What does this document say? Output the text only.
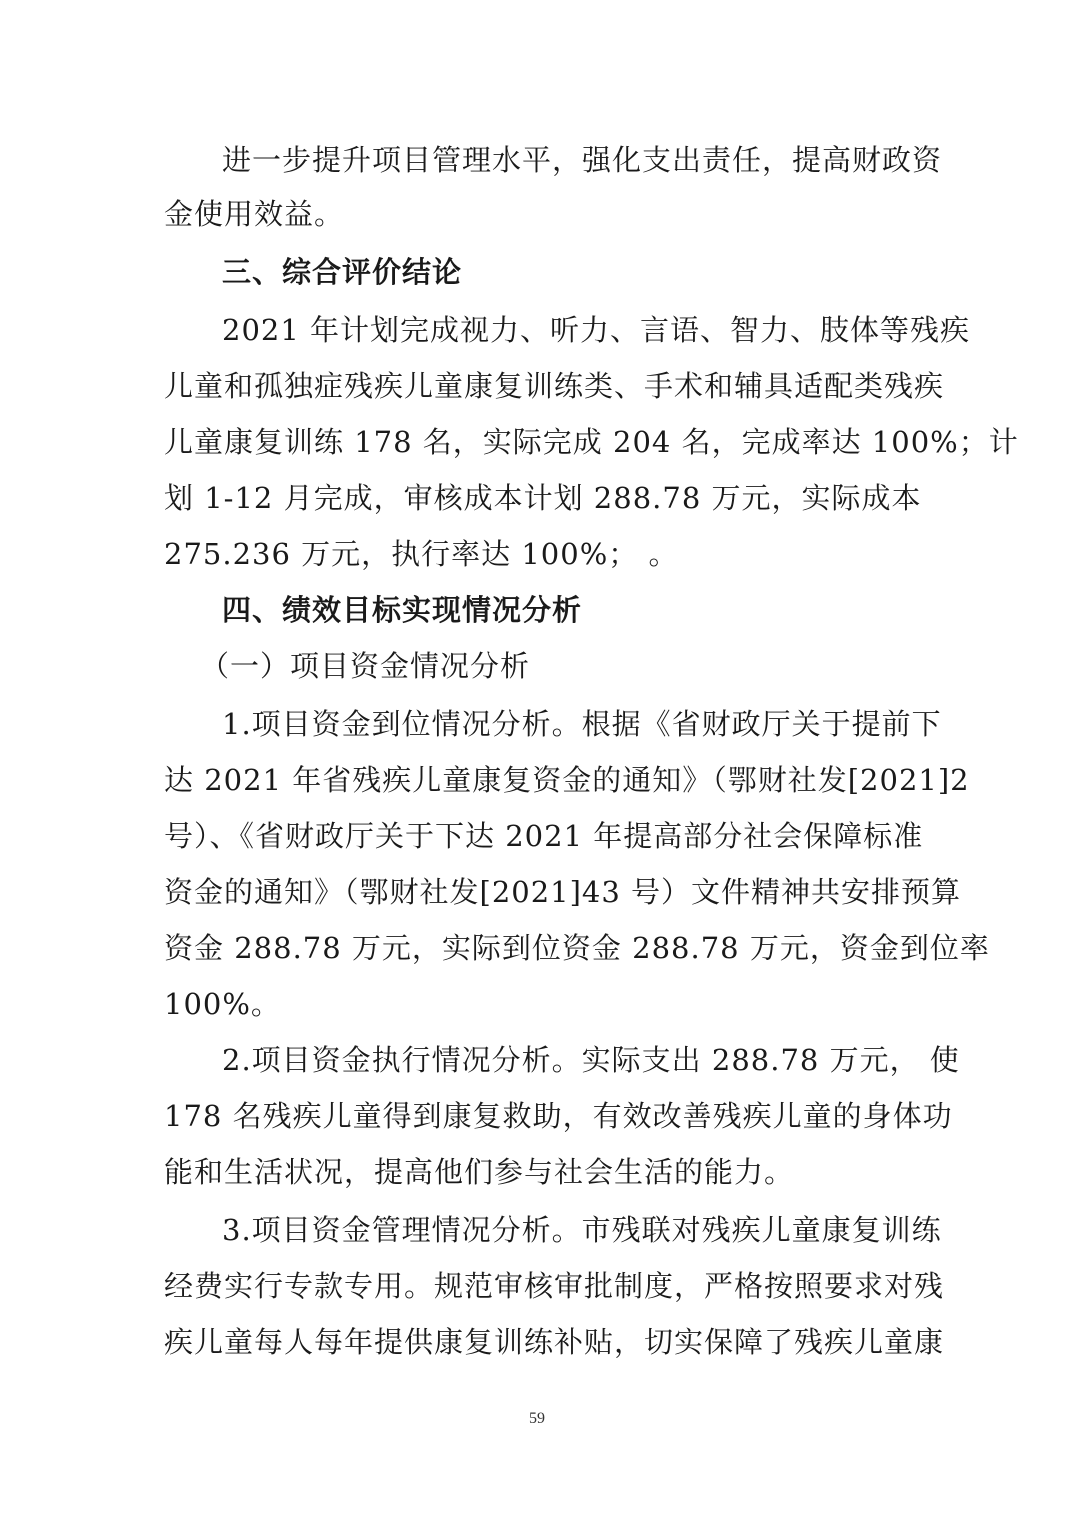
进一步提升项目管理水平，强化支出责任，提高财政资
金使用效益。
三、综合评价结论
2021 年计划完成视力、听力、言语、智力、肢体等残疾
儿童和孤独症残疾儿童康复训练类、手术和辅具适配类残疾
儿童康复训练 178 名，实际完成 204 名，完成率达 100%；计
划 1-12 月完成，审核成本计划 288.78 万元，实际成本
275.236 万元，执行率达 100%； 。
四、绩效目标实现情况分析
（一）项目资金情况分析
1.项目资金到位情况分析。根据《省财政厅关于提前下
达 2021 年省残疾儿童康复资金的通知》（鄂财社发[2021]2
号）、《省财政厅关于下达 2021 年提高部分社会保障标准
资金的通知》（鄂财社发[2021]43 号）文件精神共安排预算
资金 288.78 万元，实际到位资金 288.78 万元，资金到位率
100%。
2.项目资金执行情况分析。实际支出 288.78 万元， 使
178 名残疾儿童得到康复救助，有效改善残疾儿童的身体功
能和生活状况，提高他们参与社会生活的能力。
3.项目资金管理情况分析。市残联对残疾儿童康复训练
经费实行专款专用。规范审核审批制度，严格按照要求对残
疾儿童每人每年提供康复训练补贴，切实保障了残疾儿童康
59
